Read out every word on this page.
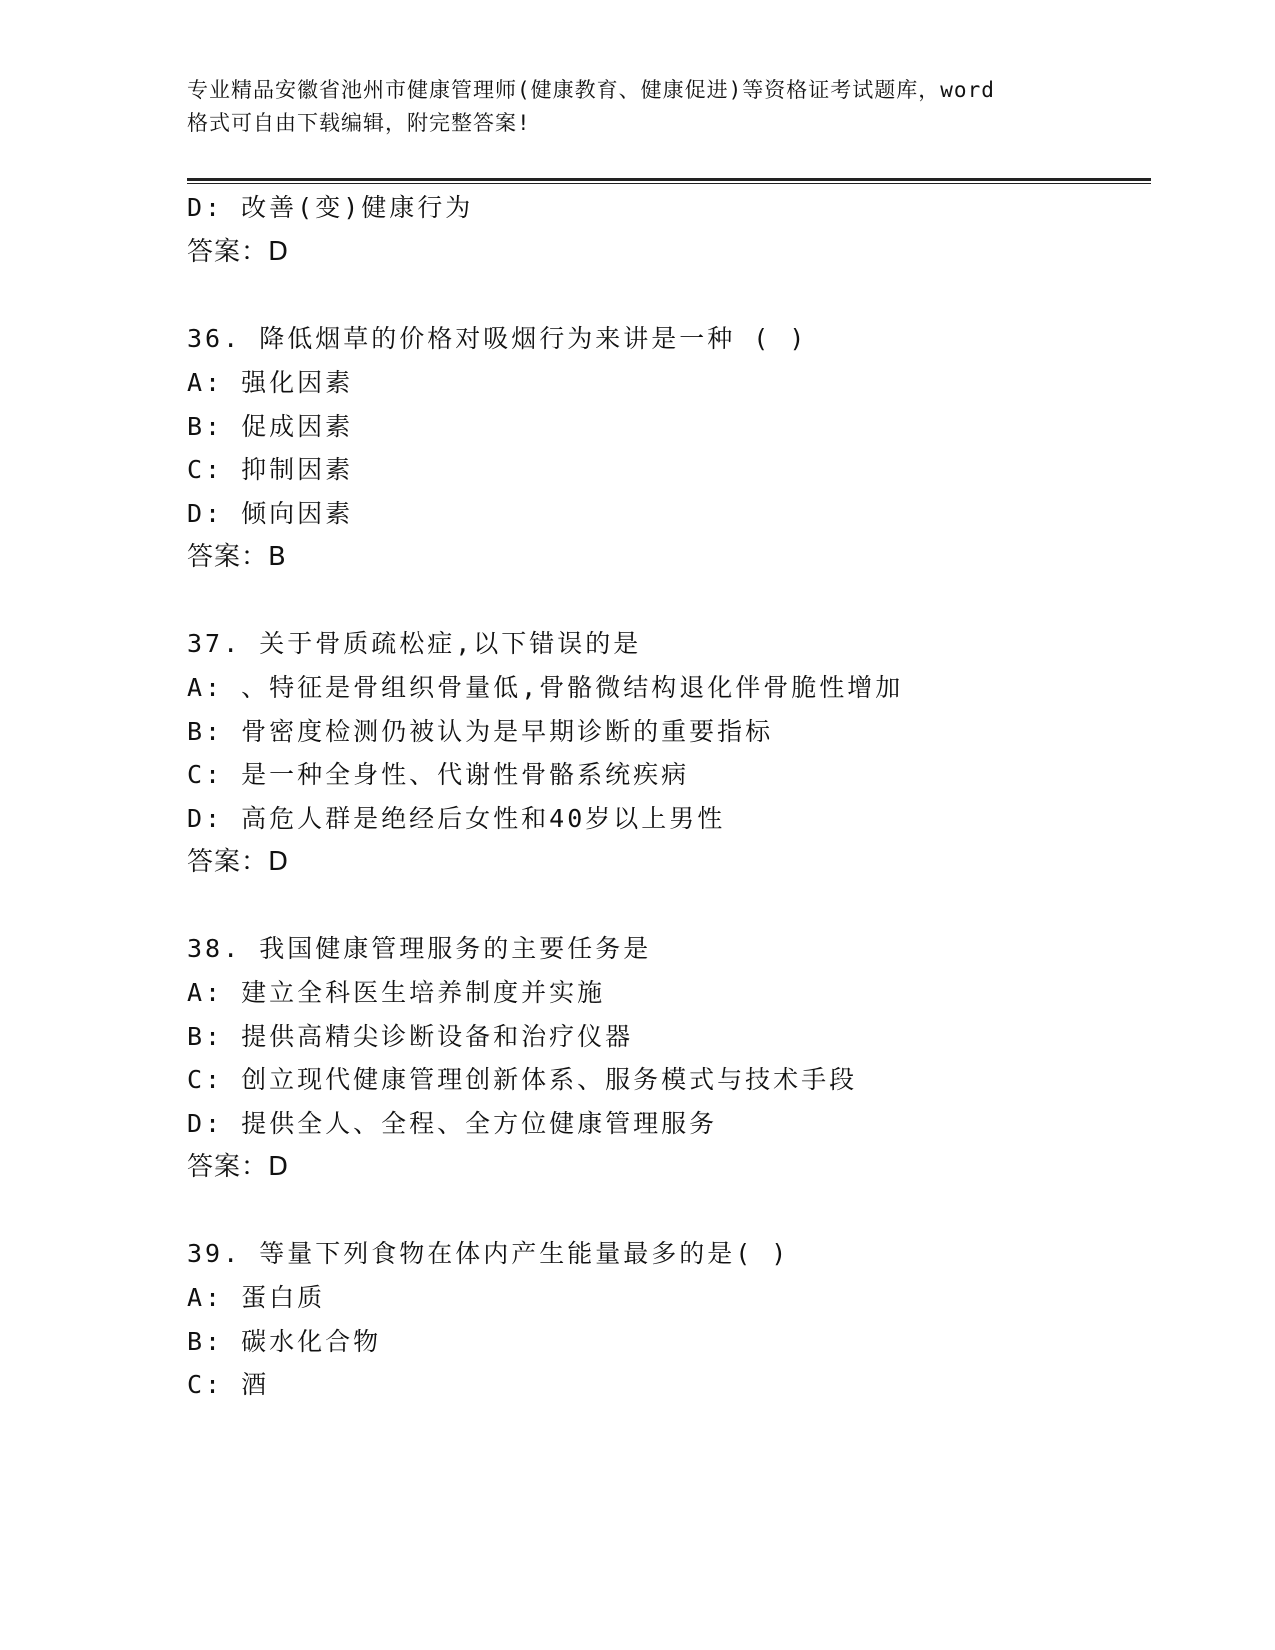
专业精品安徽省池州市健康管理师(健康教育、健康促进)等资格证考试题库，word
格式可自由下载编辑，附完整答案!
D: 改善(变)健康行为
答案：D
36. 降低烟草的价格对吸烟行为来讲是一种 ( )
A: 强化因素
B: 促成因素
C: 抑制因素
D: 倾向因素
答案：B
37. 关于骨质疏松症,以下错误的是
A: 、特征是骨组织骨量低,骨骼微结构退化伴骨脆性增加
B: 骨密度检测仍被认为是早期诊断的重要指标
C: 是一种全身性、代谢性骨骼系统疾病
D: 高危人群是绝经后女性和40岁以上男性
答案：D
38. 我国健康管理服务的主要任务是
A: 建立全科医生培养制度并实施
B: 提供高精尖诊断设备和治疗仪器
C: 创立现代健康管理创新体系、服务模式与技术手段
D: 提供全人、全程、全方位健康管理服务
答案：D
39. 等量下列食物在体内产生能量最多的是( )
A: 蛋白质
B: 碳水化合物
C: 酒
